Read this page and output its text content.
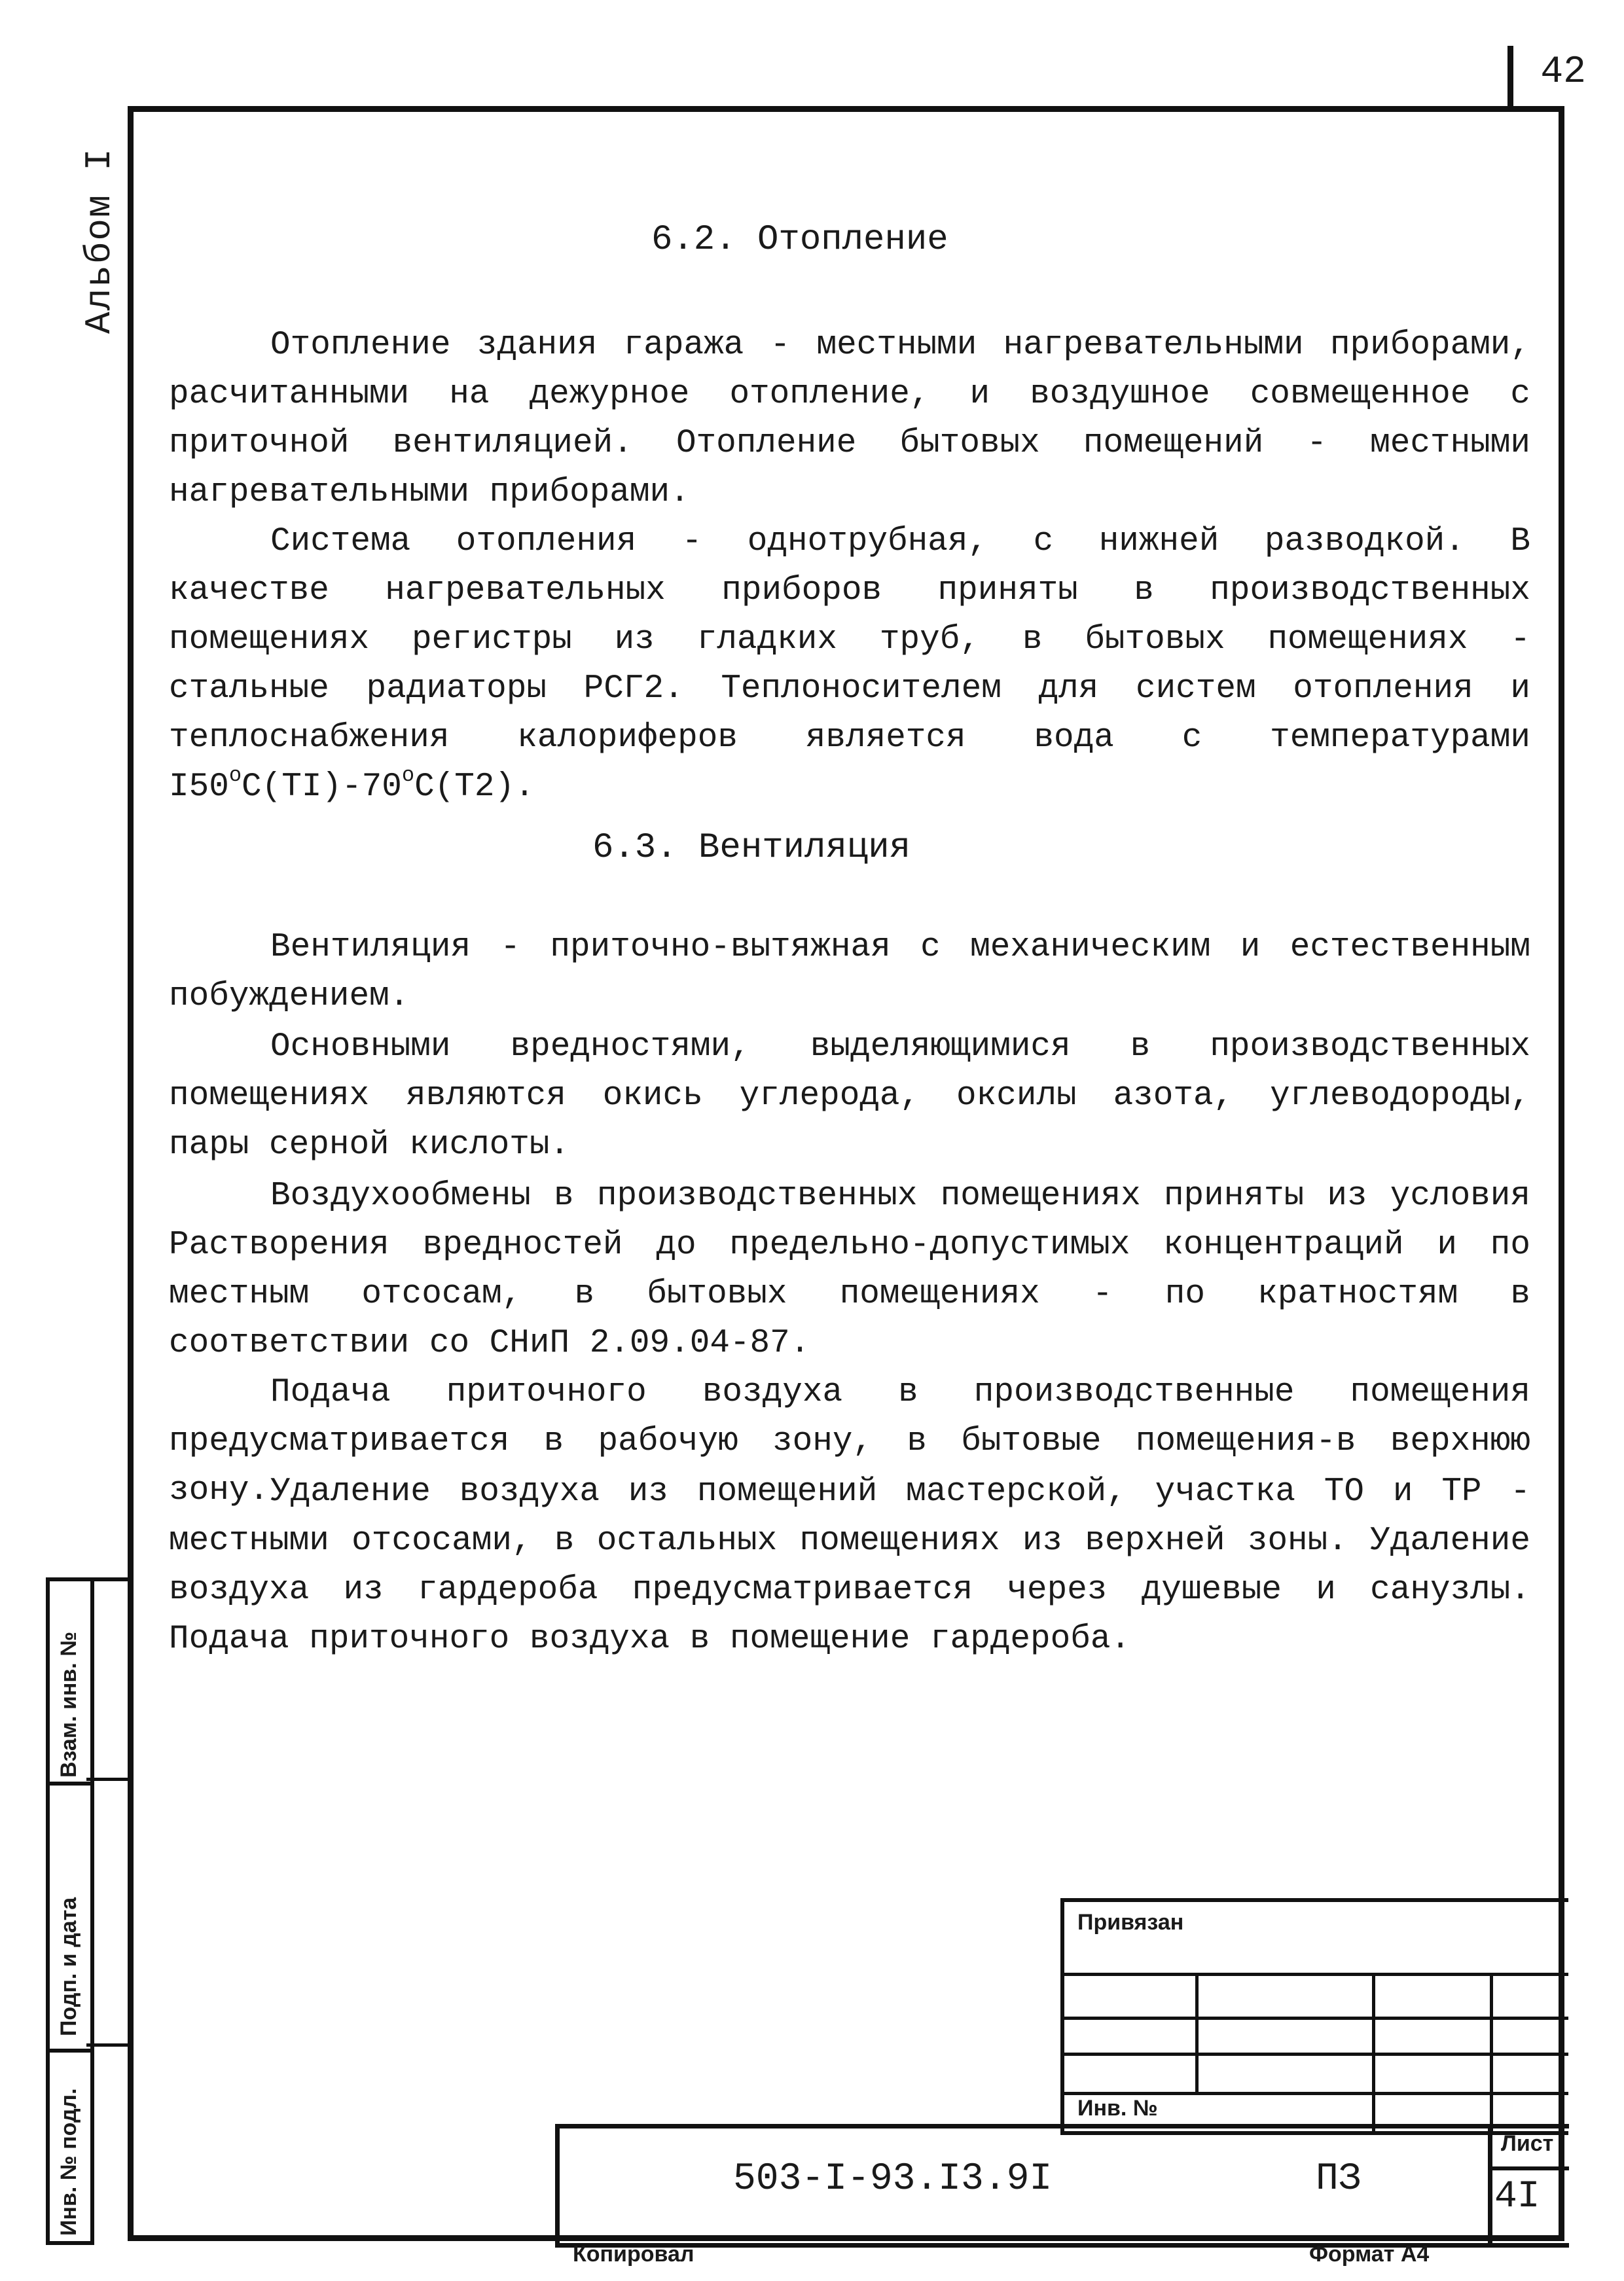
42
Альбом I	6.2. Отопление

Отопление здания гаража - местными нагревательными приборами, расчитанными на дежурное отопление, и воздушное совмещенное с приточной вентиляцией. Отопление бытовых помещений - местными нагревательными приборами.

Система отопления - однотрубная, с нижней разводкой. В качестве нагревательных приборов приняты в производственных помещениях регистры из гладких труб, в бытовых помещениях - стальные радиаторы РСГ2. Теплоносителем для систем отопления и теплоснабжения калориферов является вода с температурами I50$^o$C(TI)-70$^o$C(T2).

6.3. Вентиляция

Вентиляция - приточно-вытяжная с механическим и естественным побуждением.

Основными вредностями, выделяющимися в производственных помещениях являются окись углерода, оксилы азота, углеводороды, пары серной кислоты.

Воздухообмены в производственных помещениях приняты из условия Растворения вредностей до предельно-допустимых концентраций и по местным отсосам, в бытовых помещениях - по кратностям в соответствии со СНиП 2.09.04-87.

Подача приточного воздуха в производственные помещения предусматривается в рабочую зону, в бытовые помещения-в верхнюю зону. Удаление воздуха из помещений мастерской, участка ТО и ТР - местными отсосами, в остальных помещениях из верхней зоны. Удаление воздуха из гардероба предусматривается через душевые и санузлы. Подача приточного воздуха в помещение гардероба.

Взам. инв. №
Подп. и дата
Инв. № подл.
Привязан
Инв. №
503-I-93.I3.9I	ПЗ
Лист
4I
Копировал	Формат А4
